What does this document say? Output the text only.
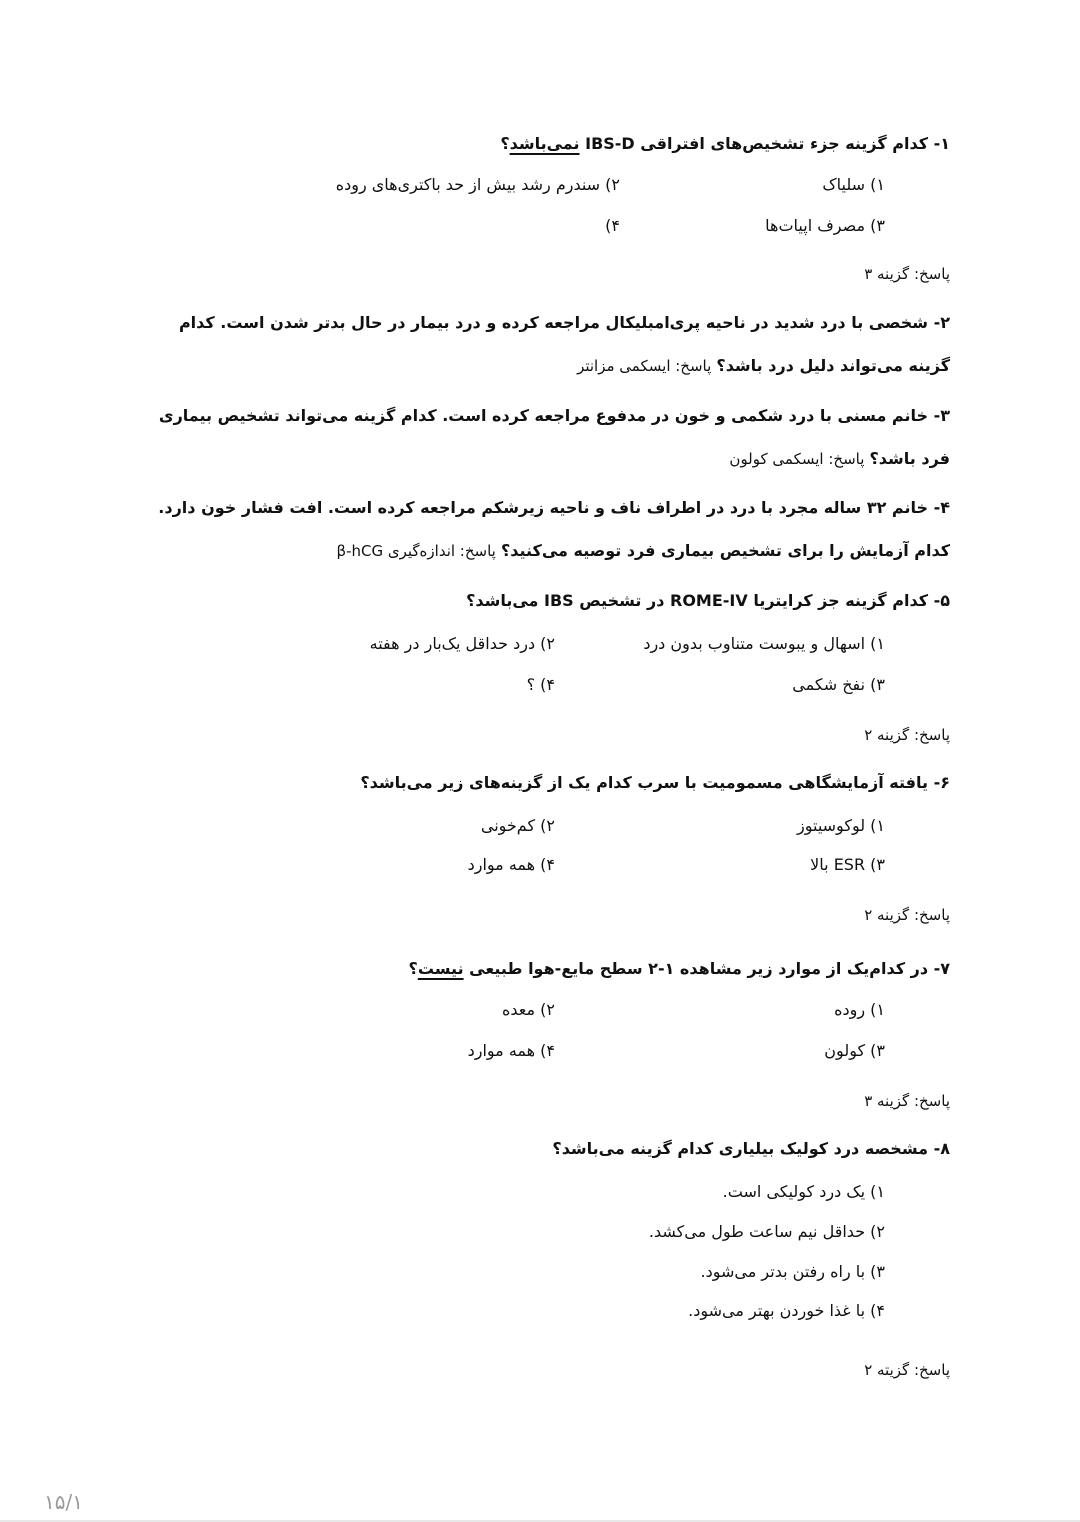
۱- کدام گزینه جزء تشخیص‌های افتراقی IBS-D نمی‌باشد؟
۱) سلیاک
۲) سندرم رشد بیش از حد باکتری‌های روده
۳) مصرف اپیات‌ها
۴)
پاسخ: گزینه ۳
۲- شخصی با درد شدید در ناحیه پری‌امبلیکال مراجعه کرده و درد بیمار در حال بدتر شدن است. کدام
گزینه می‌تواند دلیل درد باشد؟ پاسخ: ایسکمی مزانتر
۳- خانم مسنی با درد شکمی و خون در مدفوع مراجعه کرده است. کدام گزینه می‌تواند تشخیص بیماری
فرد باشد؟ پاسخ: ایسکمی کولون
۴- خانم ۳۲ ساله مجرد با درد در اطراف ناف و ناحیه زیرشکم مراجعه کرده است. افت فشار خون دارد.
کدام آزمایش را برای تشخیص بیماری فرد توصیه می‌کنید؟ پاسخ: اندازه‌گیری β-hCG
۵- کدام گزینه جز کرایتریا ROME-IV در تشخیص IBS می‌باشد؟
۱) اسهال و یبوست متناوب بدون درد
۲) درد حداقل یک‌بار در هفته
۳) نفخ شکمی
۴) ؟
پاسخ: گزینه ۲
۶- یافته آزمایشگاهی مسمومیت با سرب کدام یک از گزینه‌های زیر می‌باشد؟
۱) لوکوسیتوز
۲) کم‌خونی
۳) ESR بالا
۴) همه موارد
پاسخ: گزینه ۲
۷- در کدام‌یک از موارد زیر مشاهده ۱-۲ سطح مایع-هوا طبیعی نیست؟
۱) روده
۲) معده
۳) کولون
۴) همه موارد
پاسخ: گزینه ۳
۸- مشخصه درد کولیک بیلیاری کدام گزینه می‌باشد؟
۱) یک درد کولیکی است.
۲) حداقل نیم ساعت طول می‌کشد.
۳) با راه رفتن بدتر می‌شود.
۴) با غذا خوردن بهتر می‌شود.
پاسخ: گزیته ۲
۱۵/۱
